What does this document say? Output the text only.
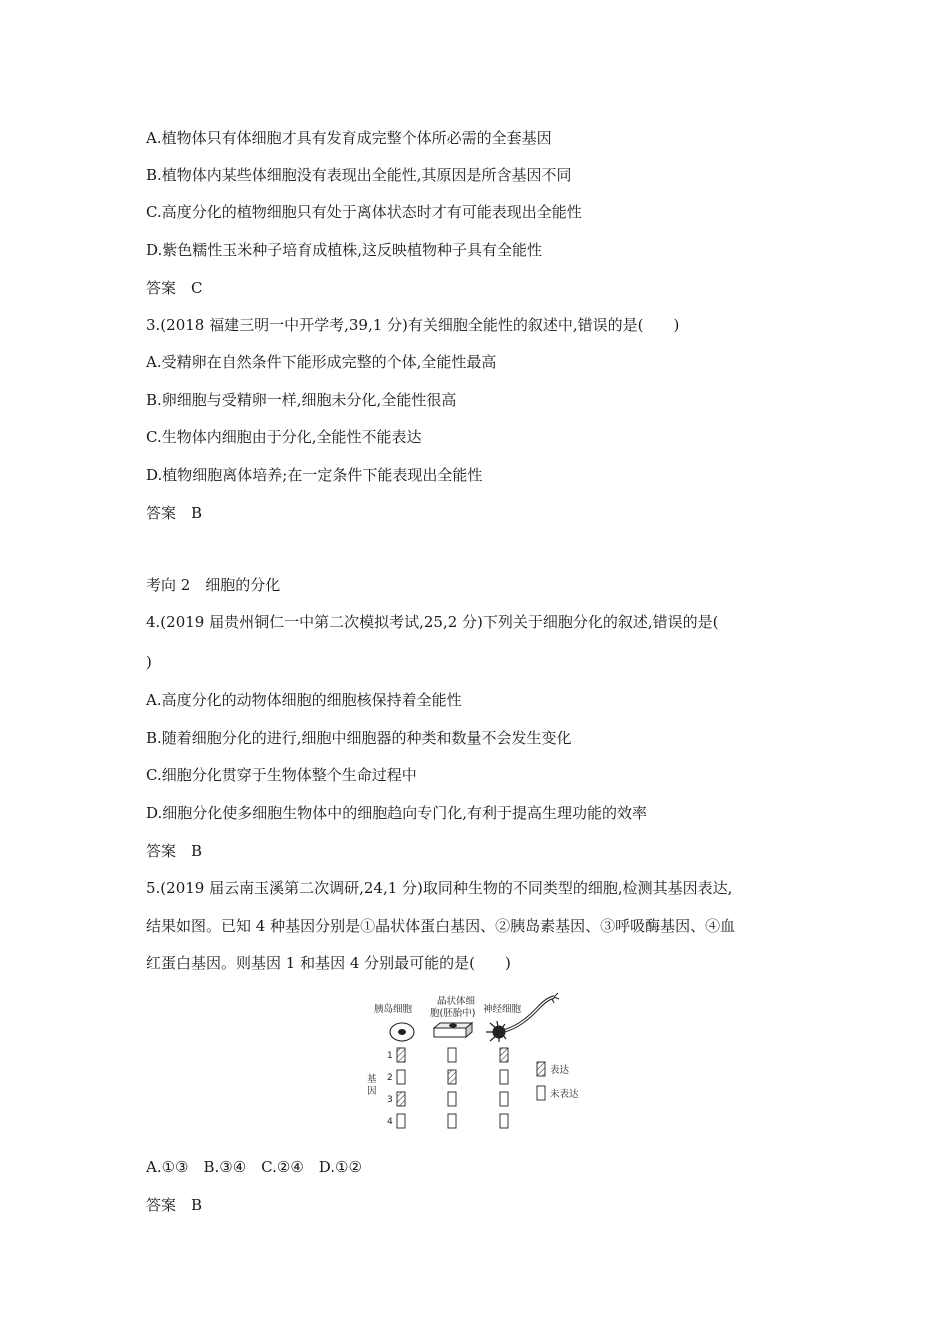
A.植物体只有体细胞才具有发育成完整个体所必需的全套基因
B.植物体内某些体细胞没有表现出全能性,其原因是所含基因不同
C.高度分化的植物细胞只有处于离体状态时才有可能表现出全能性
D.紫色糯性玉米种子培育成植株,这反映植物种子具有全能性
答案　C
3.(2018 福建三明一中开学考,39,1 分)有关细胞全能性的叙述中,错误的是(　　)
A.受精卵在自然条件下能形成完整的个体,全能性最高
B.卵细胞与受精卵一样,细胞未分化,全能性很高
C.生物体内细胞由于分化,全能性不能表达
D.植物细胞离体培养;在一定条件下能表现出全能性
答案　B
考向 2　细胞的分化
4.(2019 届贵州铜仁一中第二次模拟考试,25,2 分)下列关于细胞分化的叙述,错误的是(
)
A.高度分化的动物体细胞的细胞核保持着全能性
B.随着细胞分化的进行,细胞中细胞器的种类和数量不会发生变化
C.细胞分化贯穿于生物体整个生命过程中
D.细胞分化使多细胞生物体中的细胞趋向专门化,有利于提高生理功能的效率
答案　B
5.(2019 届云南玉溪第二次调研,24,1 分)取同种生物的不同类型的细胞,检测其基因表达,
结果如图。已知 4 种基因分别是①晶状体蛋白基因、②胰岛素基因、③呼吸酶基因、④血
红蛋白基因。则基因 1 和基因 4 分别最可能的是(　　)
胰岛细胞
晶状体细
胞(胚胎中) 神经细胞
基
因
1
2
3
4
表达
未表达
A.①③　B.③④　C.②④　D.①②
答案　B
